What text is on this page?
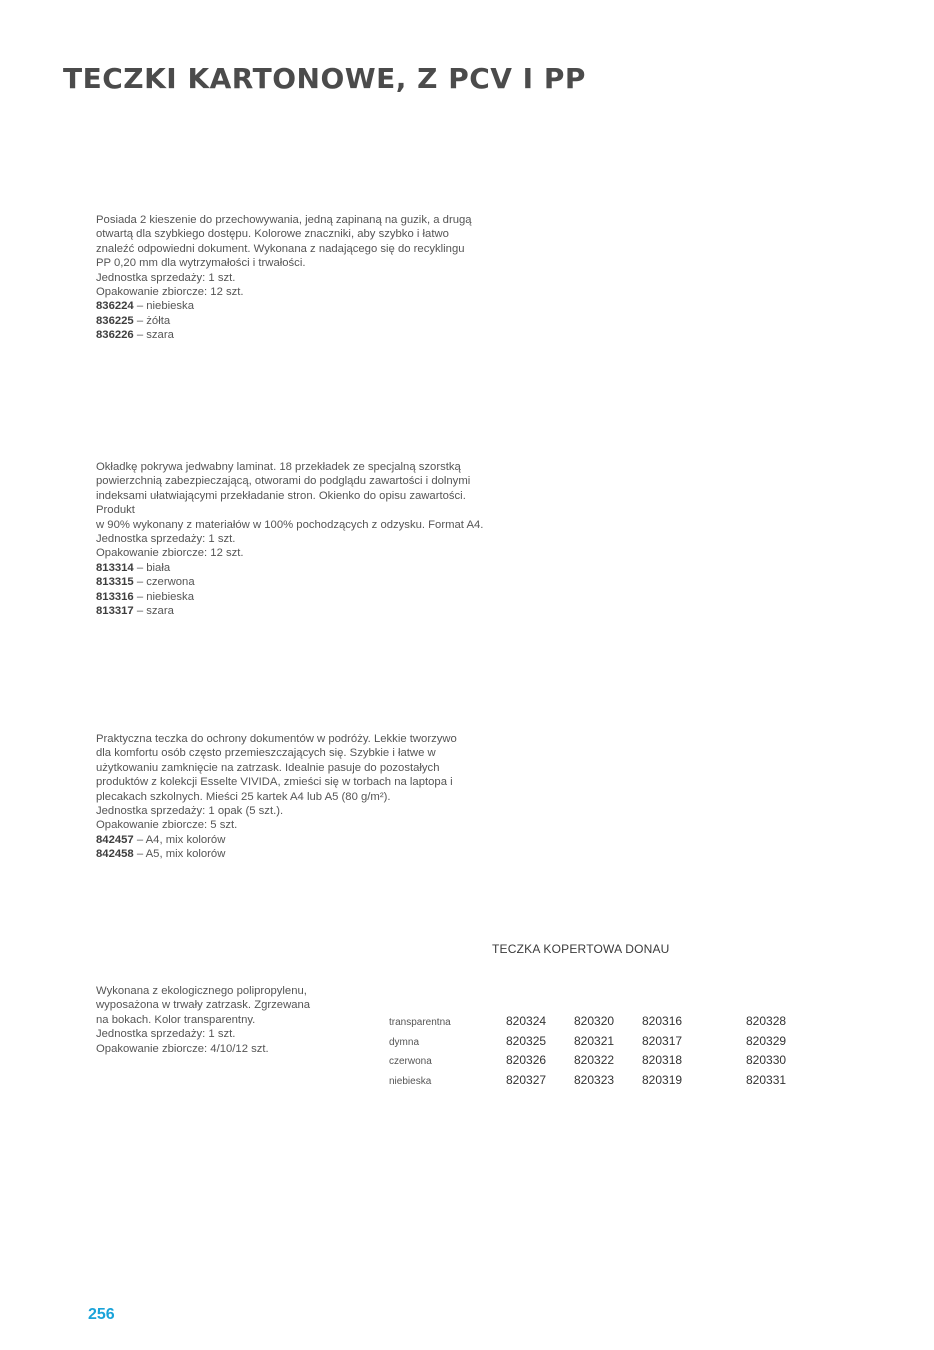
TECZKI KARTONOWE, Z PCV I PP

Posiada 2 kieszenie do przechowywania, jedną zapinaną na guzik, a drugą

otwartą dla szybkiego dostępu. Kolorowe znaczniki, aby szybko i łatwo

znaleźć odpowiedni dokument. Wykonana z nadającego się do recyklingu

PP 0,20 mm dla wytrzymałości i trwałości.

Jednostka sprzedaży: 1 szt.

Opakowanie zbiorcze: 12 szt.

836224 – niebieska

836225 – żółta

836226 – szara

Okładkę pokrywa jedwabny laminat. 18 przekładek ze specjalną szorstką

powierzchnią zabezpieczającą, otworami do podglądu zawartości i dolnymi

indeksami ułatwiającymi przekładanie stron. Okienko do opisu zawartości. Produkt

w 90% wykonany z materiałów w 100% pochodzących z odzysku. Format A4.

Jednostka sprzedaży: 1 szt.

Opakowanie zbiorcze: 12 szt.

813314 – biała

813315 – czerwona

813316 – niebieska

813317 – szara

Praktyczna teczka do ochrony dokumentów w podróży. Lekkie tworzywo

dla komfortu osób często przemieszczających się. Szybkie i łatwe w

użytkowaniu zamknięcie na zatrzask. Idealnie pasuje do pozostałych

produktów z kolekcji Esselte VIVIDA, zmieści się w torbach na laptopa i

plecakach szkolnych. Mieści 25 kartek A4 lub A5 (80 g/m²).

Jednostka sprzedaży: 1 opak (5 szt.).

Opakowanie zbiorcze: 5 szt.

842457 – A4, mix kolorów

842458 – A5, mix kolorów

Wykonana z ekologicznego polipropylenu,

wyposażona w trwały zatrzask. Zgrzewana

na bokach. Kolor transparentny.

Jednostka sprzedaży: 1 szt.

Opakowanie zbiorcze: 4/10/12 szt.

TECZKA KOPERTOWA DONAU
transparentna	820324 820320 820316	820328
dymna	820325 820321 820317	820329
czerwona	820326 820322 820318	820330
niebieska	820327 820323 820319	820331
256
